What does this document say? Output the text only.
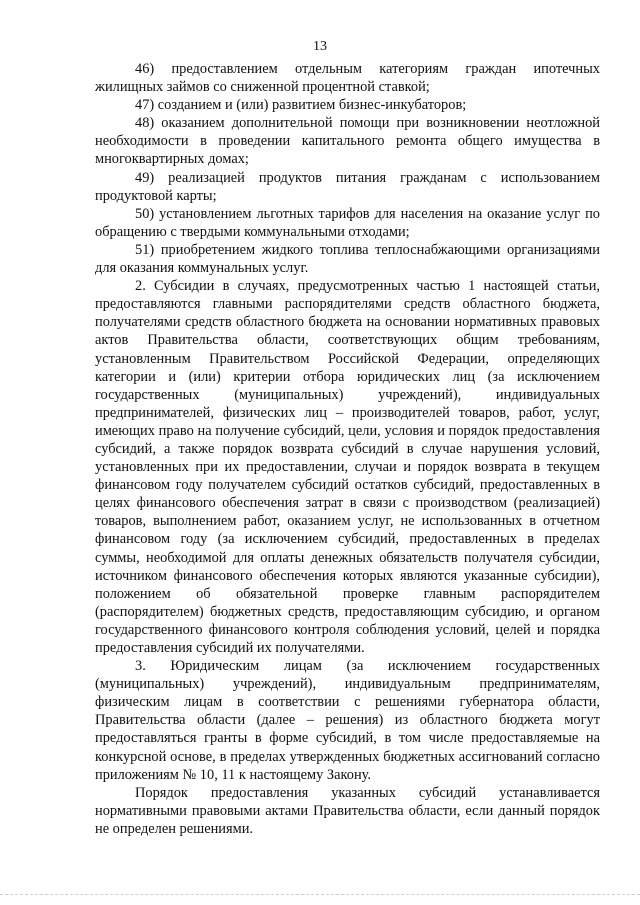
13

46) предоставлением отдельным категориям граждан ипотечных жилищных займов со сниженной процентной ставкой;

47) созданием и (или) развитием бизнес-инкубаторов;

48) оказанием дополнительной помощи при возникновении неотложной необходимости в проведении капитального ремонта общего имущества в многоквартирных домах;

49) реализацией продуктов питания гражданам с использованием продуктовой карты;

50) установлением льготных тарифов для населения на оказание услуг по обращению с твердыми коммунальными отходами;

51) приобретением жидкого топлива теплоснабжающими организациями для оказания коммунальных услуг.

2. Субсидии в случаях, предусмотренных частью 1 настоящей статьи, предоставляются главными распорядителями средств областного бюджета, получателями средств областного бюджета на основании нормативных правовых актов Правительства области, соответствующих общим требованиям, установленным Правительством Российской Федерации, определяющих категории и (или) критерии отбора юридических лиц (за исключением государственных (муниципальных) учреждений), индивидуальных предпринимателей, физических лиц – производителей товаров, работ, услуг, имеющих право на получение субсидий, цели, условия и порядок предоставления субсидий, а также порядок возврата субсидий в случае нарушения условий, установленных при их предоставлении, случаи и порядок возврата в текущем финансовом году получателем субсидий остатков субсидий, предоставленных в целях финансового обеспечения затрат в связи с производством (реализацией) товаров, выполнением работ, оказанием услуг, не использованных в отчетном финансовом году (за исключением субсидий, предоставленных в пределах суммы, необходимой для оплаты денежных обязательств получателя субсидии, источником финансового обеспечения которых являются указанные субсидии), положением об обязательной проверке главным распорядителем (распорядителем) бюджетных средств, предоставляющим субсидию, и органом государственного финансового контроля соблюдения условий, целей и порядка предоставления субсидий их получателями.

3. Юридическим лицам (за исключением государственных (муниципальных) учреждений), индивидуальным предпринимателям, физическим лицам в соответствии с решениями губернатора области, Правительства области (далее – решения) из областного бюджета могут предоставляться гранты в форме субсидий, в том числе предоставляемые на конкурсной основе, в пределах утвержденных бюджетных ассигнований согласно приложениям № 10, 11 к настоящему Закону.

Порядок предоставления указанных субсидий устанавливается нормативными правовыми актами Правительства области, если данный порядок не определен решениями.
